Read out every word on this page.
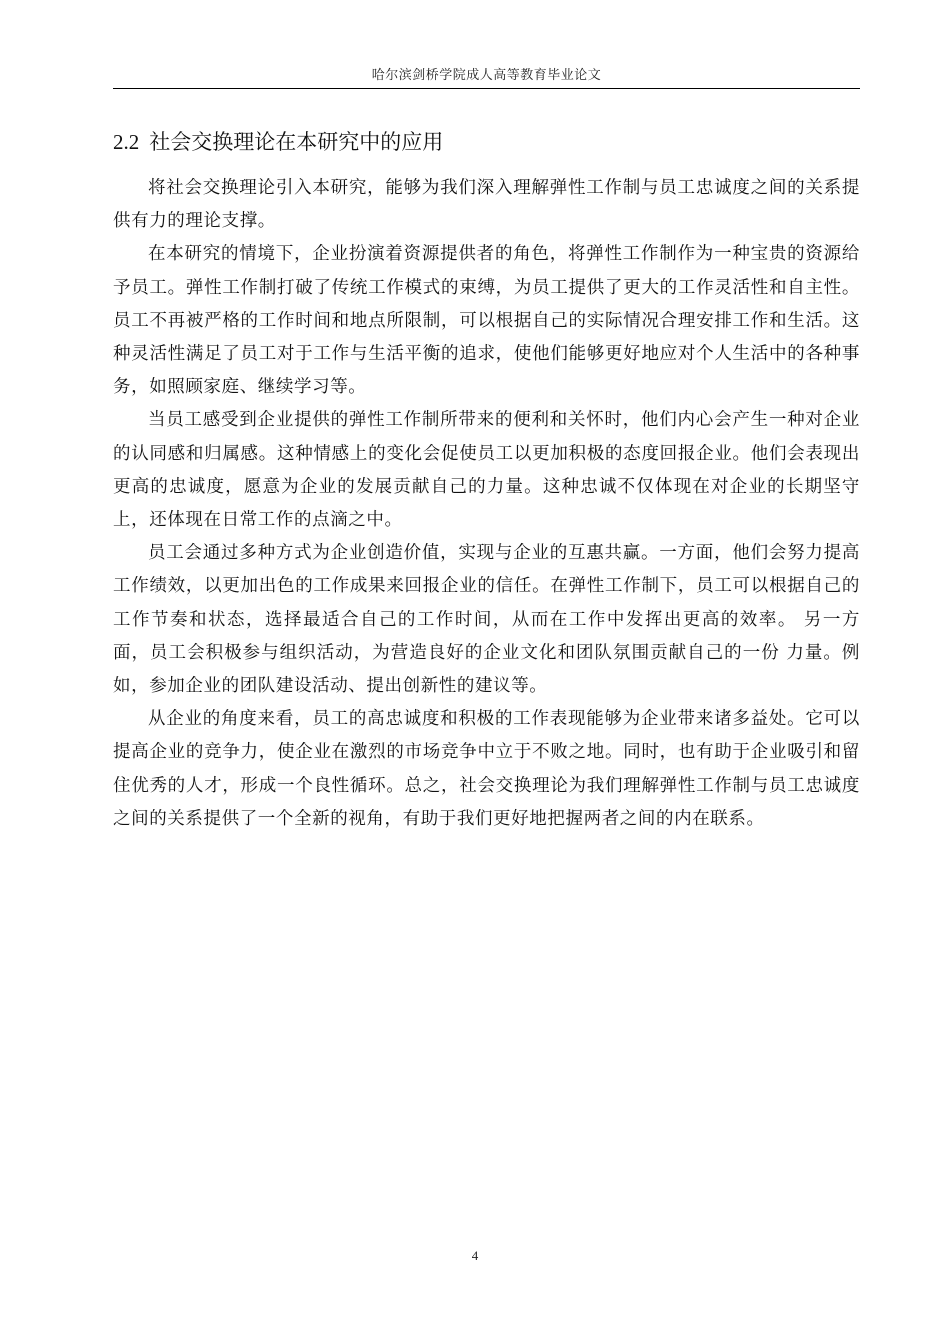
哈尔滨剑桥学院成人高等教育毕业论文
2.2 社会交换理论在本研究中的应用

将社会交换理论引入本研究，能够为我们深入理解弹性工作制与员工忠诚度之间的关系提供有力的理论支撑。

在本研究的情境下，企业扮演着资源提供者的角色，将弹性工作制作为一种宝贵的资源给予员工。弹性工作制打破了传统工作模式的束缚，为员工提供了更大的工作灵活性和自主性。员工不再被严格的工作时间和地点所限制，可以根据自己的实际情况合理安排工作和生活。这种灵活性满足了员工对于工作与生活平衡的追求，使他们能够更好地应对个人生活中的各种事务，如照顾家庭、继续学习等。

当员工感受到企业提供的弹性工作制所带来的便利和关怀时，他们内心会产生一种对企业的认同感和归属感。这种情感上的变化会促使员工以更加积极的态度回报企业。他们会表现出更高的忠诚度，愿意为企业的发展贡献自己的力量。这种忠诚不仅体现在对企业的长期坚守上，还体现在日常工作的点滴之中。

员工会通过多种方式为企业创造价值，实现与企业的互惠共赢。一方面，他们会努力提高工作绩效，以更加出色的工作成果来回报企业的信任。在弹性工作制下，员工可以根据自己的工作节奏和状态，选择最适合自己的工作时间，从而在工作中发挥出更高的效率。 另一方面，员工会积极参与组织活动，为营造良好的企业文化和团队氛围贡献自己的一份 力量。例如，参加企业的团队建设活动、提出创新性的建议等。

从企业的角度来看，员工的高忠诚度和积极的工作表现能够为企业带来诸多益处。它可以提高企业的竞争力，使企业在激烈的市场竞争中立于不败之地。同时，也有助于企业吸引和留住优秀的人才，形成一个良性循环。总之，社会交换理论为我们理解弹性工作制与员工忠诚度之间的关系提供了一个全新的视角，有助于我们更好地把握两者之间的内在联系。

4
